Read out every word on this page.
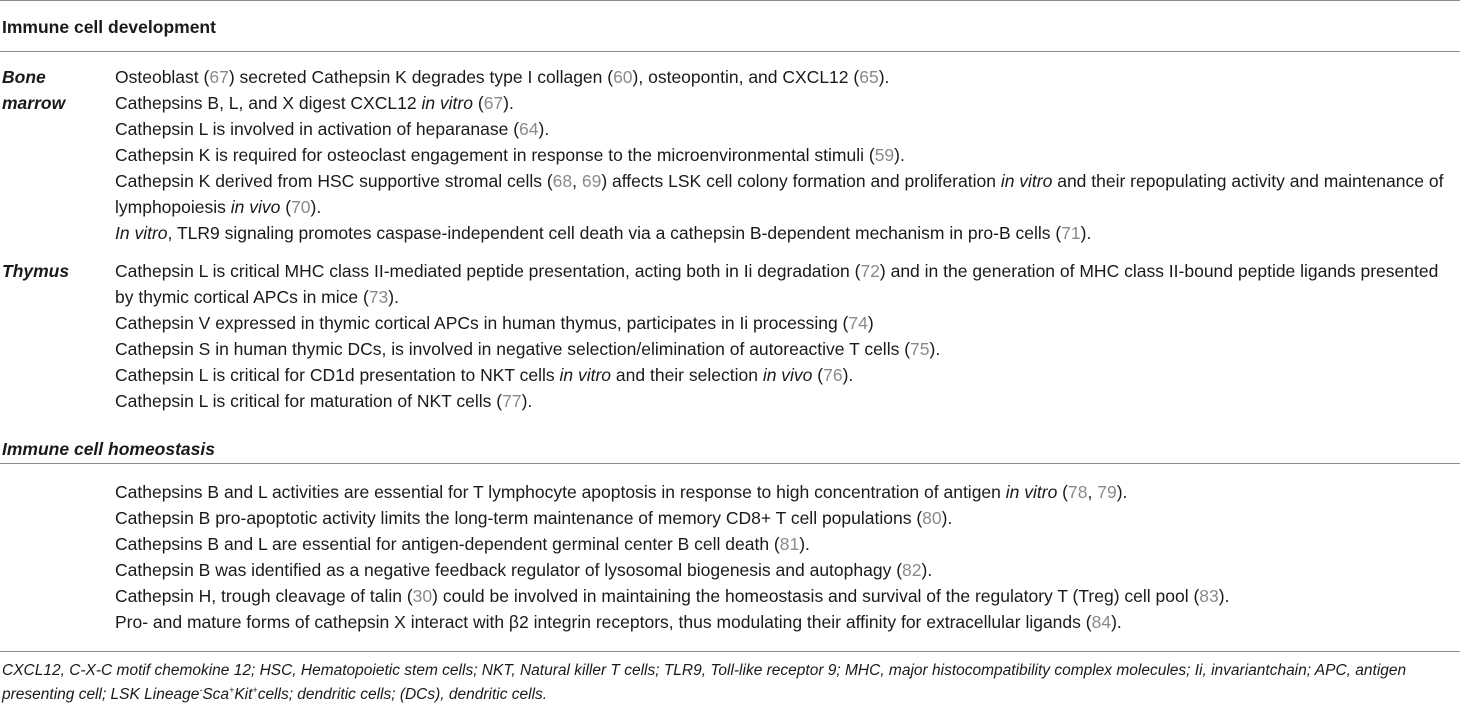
Immune cell development
Bone
marrow
Osteoblast (67) secreted Cathepsin K degrades type I collagen (60), osteopontin, and CXCL12 (65).
Cathepsins B, L, and X digest CXCL12 in vitro (67).
Cathepsin L is involved in activation of heparanase (64).
Cathepsin K is required for osteoclast engagement in response to the microenvironmental stimuli (59).
Cathepsin K derived from HSC supportive stromal cells (68, 69) affects LSK cell colony formation and proliferation in vitro and their repopulating activity and maintenance of lymphopoiesis in vivo (70).
In vitro, TLR9 signaling promotes caspase-independent cell death via a cathepsin B-dependent mechanism in pro-B cells (71).
Thymus	Cathepsin L is critical MHC class II-mediated peptide presentation, acting both in Ii degradation (72) and in the generation of MHC class II-bound peptide ligands presented by thymic cortical APCs in mice (73).
Cathepsin V expressed in thymic cortical APCs in human thymus, participates in Ii processing (74)
Cathepsin S in human thymic DCs, is involved in negative selection/elimination of autoreactive T cells (75).
Cathepsin L is critical for CD1d presentation to NKT cells in vitro and their selection in vivo (76).
Cathepsin L is critical for maturation of NKT cells (77).
Immune cell homeostasis
Cathepsins B and L activities are essential for T lymphocyte apoptosis in response to high concentration of antigen in vitro (78, 79).
Cathepsin B pro-apoptotic activity limits the long-term maintenance of memory CD8+ T cell populations (80).
Cathepsins B and L are essential for antigen-dependent germinal center B cell death (81).
Cathepsin B was identified as a negative feedback regulator of lysosomal biogenesis and autophagy (82).
Cathepsin H, trough cleavage of talin (30) could be involved in maintaining the homeostasis and survival of the regulatory T (Treg) cell pool (83).
Pro- and mature forms of cathepsin X interact with β2 integrin receptors, thus modulating their affinity for extracellular ligands (84).
CXCL12, C-X-C motif chemokine 12; HSC, Hematopoietic stem cells; NKT, Natural killer T cells; TLR9, Toll-like receptor 9; MHC, major histocompatibility complex molecules; Ii, invariantchain; APC, antigen presenting cell; LSK Lineage-Sca+Kit+cells; dendritic cells; (DCs), dendritic cells.
